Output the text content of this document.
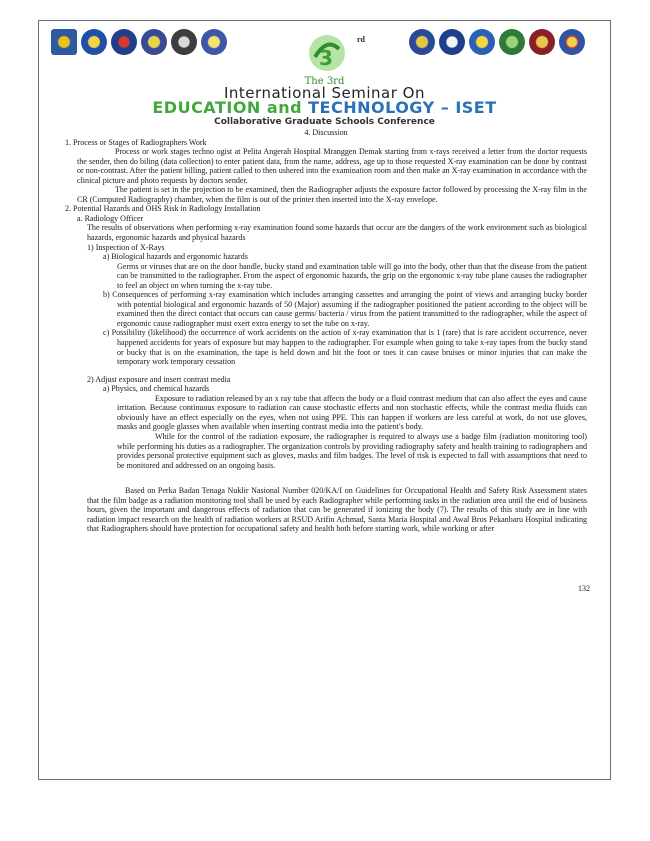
3
rd
The 3rd
International Seminar On
EDUCATION and TECHNOLOGY – ISET
Collaborative Graduate Schools Conference

4. Discussion

1. Process or Stages of Radiographers Work

Process or work stages techno ogist at Pelita Angerah Hospital Mranggen Demak starting from x-rays received a letter from the doctor requests the sender, then do biling (data collection) to enter patient data, from the name, address, age up to those requested X-ray examination can be done by contrast or non-contrast. After the patient billing, patient called to then ushered into the examination room and then make an X-ray examination in accordance with the clinical picture and photo requests by doctors sender.

The patient is set in the projection to be examined, then the Radiographer adjusts the exposure factor followed by processing the X-ray film in the CR (Computed Radiography) chamber, when the film is out of the printer then inserted into the X-ray envelope.

2. Potential Hazards and OHS Risk in Radiology Installation

a. Radiology Officer

The results of observations when performing x-ray examination found some hazards that occur are the dangers of the work environment such as biological hazards, ergonomic hazards and physical hazards

1) Inspection of X-Rays

a) Biological hazards and ergonomic hazards

Germs or viruses that are on the door handle, bucky stand and examination table will go into the body, other than that the disease from the patient can be transmitted to the radiographer. From the aspect of ergonomic hazards, the grip on the ergonomic x-ray tube plane causes the radiographer to feel an object on when turning the x-ray tube.

b) Consequences of performing x-ray examination which includes arranging cassettes and arranging the point of views and arranging bucky border with potential biological and ergonomic hazards of 50 (Major) assuming if the radiographer positioned the patient according to the object will be examined then the direct contact that occurs can cause germs/ bacteria / virus from the patient transmitted to the radiographer, while the aspect of ergonomic cause radiographer must exert extra energy to set the tube on x-ray.

c) Possibility (likelihood) the occurrence of work accidents on the action of x-ray examination that is 1 (rare) that is rare accident occurrence, never happened accidents for years of exposure but may happen to the radiographer. For example when going to take x-ray tapes from the bucky stand or bucky that is on the examination, the tape is held down and hit the foot or toes it can cause bruises or minor injuries that can make the temporary work temporary cessation

2) Adjust exposure and insert contrast media

a) Physics, and chemical hazards

Exposure to radiation released by an x ray tube that affects the body or a fluid contrast medium that can also affect the eyes and cause irritation. Because continuous exposure to radiation can cause stochastic effects and non stochastic effects, while the contrast media fluids can obviously have an effect especially on the eyes, when not using PPE. This can happen if workers are less careful at work, do not use gloves, masks and google glasses when available when inserting contrast media into the patient's body.

While for the control of the radiation exposure, the radiographer is required to always use a badge film (radiation monitoring tool) while performing his duties as a radiographer. The organization controls by providing radiography safety and health training to radiographers and provides personal protective equipment such as gloves, masks and film badges. The level of risk is expected to fall with assumptions that need to be monitored and addressed on an ongoing basis.

Based on Perka Badan Tenaga Nuklir Nasional Number 020/KA/I on Guidelines for Occupational Health and Safety Risk Assessment states that the film badge as a radiation monitoring tool shall be used by each Radiographer while performing tasks in the radiation area until the end of business hours, given the important and dangerous effects of radiation that can be generated if ionizing the body (7). The results of this study are in line with radiation impact research on the health of radiation workers at RSUD Arifin Achmad, Santa Maria Hospital and Awal Bros Pekanbaru Hospital indicating that Radiographers should have protection for occupational safety and health both before starting work, while working or after

132
